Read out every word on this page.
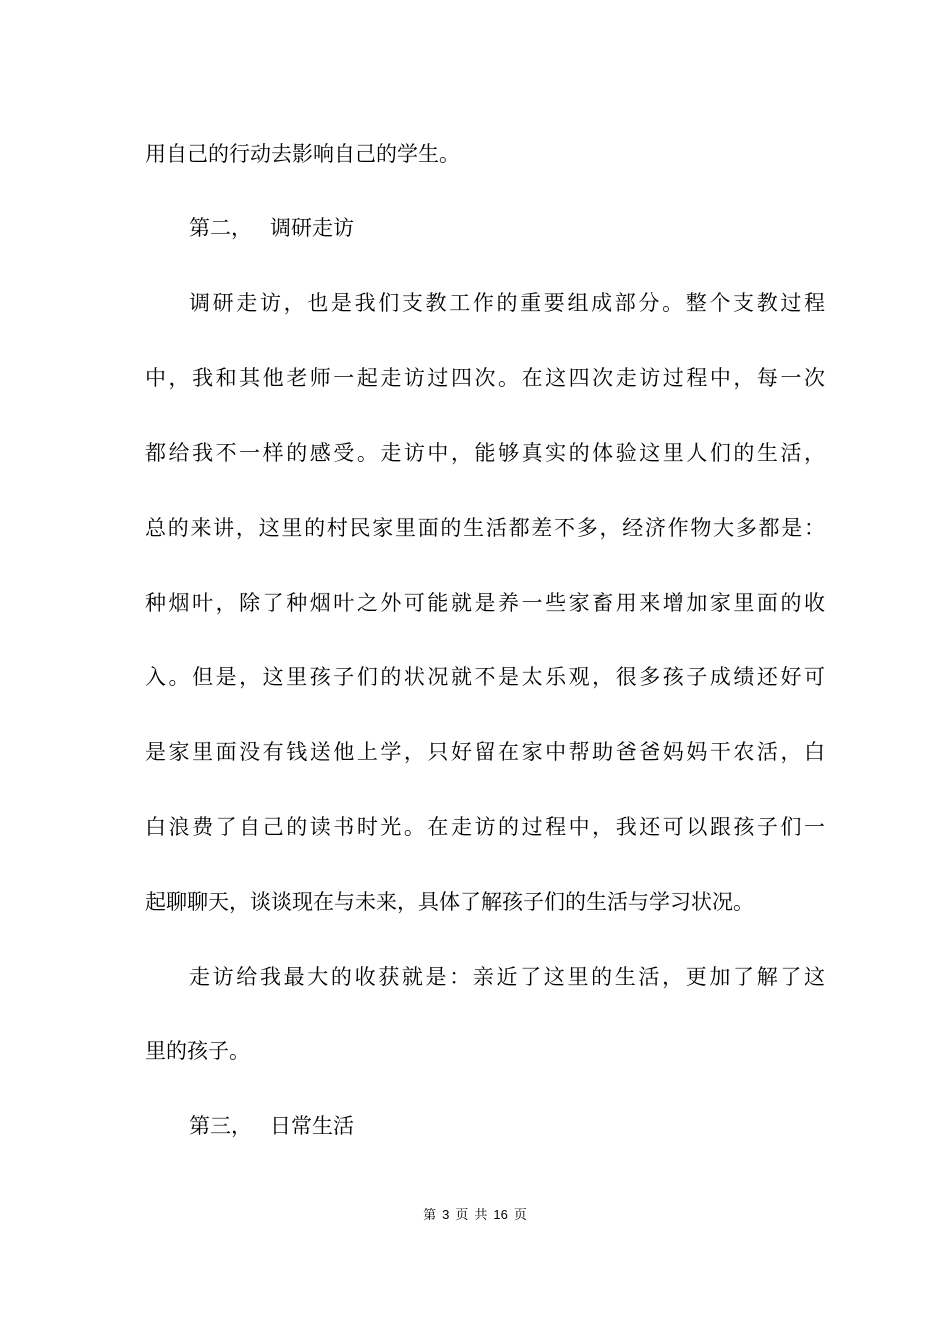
用自己的行动去影响自己的学生。
第二， 调研走访
调研走访，也是我们支教工作的重要组成部分。整个支教过程
中，我和其他老师一起走访过四次。在这四次走访过程中，每一次
都给我不一样的感受。走访中，能够真实的体验这里人们的生活，
总的来讲，这里的村民家里面的生活都差不多，经济作物大多都是：
种烟叶，除了种烟叶之外可能就是养一些家畜用来增加家里面的收
入。但是，这里孩子们的状况就不是太乐观，很多孩子成绩还好可
是家里面没有钱送他上学，只好留在家中帮助爸爸妈妈干农活，白
白浪费了自己的读书时光。在走访的过程中，我还可以跟孩子们一
起聊聊天，谈谈现在与未来，具体了解孩子们的生活与学习状况。
走访给我最大的收获就是：亲近了这里的生活，更加了解了这
里的孩子。
第三， 日常生活
第 3 页 共 16 页
